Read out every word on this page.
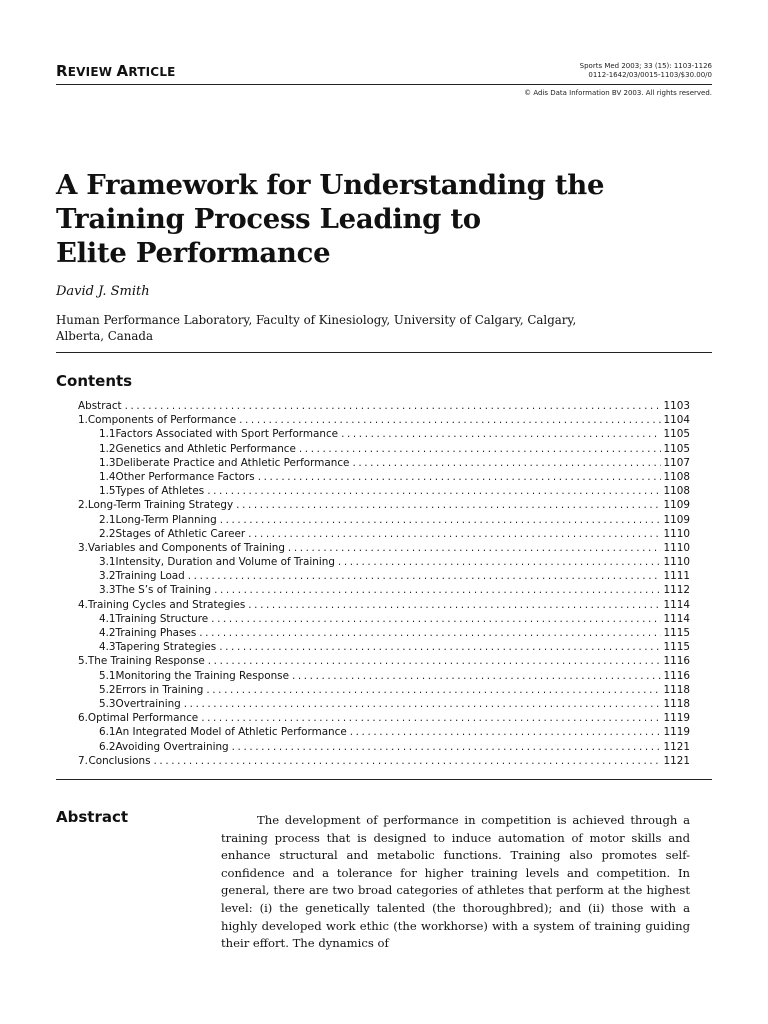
REVIEW ARTICLE	Sports Med 2003; 33 (15): 1103-1126
0112-1642/03/0015-1103/$30.00/0
© Adis Data Information BV 2003. All rights reserved.
A Framework for Understanding the
Training Process Leading to
Elite Performance
David J. Smith
Human Performance Laboratory, Faculty of Kinesiology, University of Calgary, Calgary,
Alberta, Canada
Contents
Abstract .....	1103
1. Components of Performance .....	1104
1.1 Factors Associated with Sport Performance .....	1105
1.2 Genetics and Athletic Performance .....	1105
1.3 Deliberate Practice and Athletic Performance .....	1107
1.4 Other Performance Factors .....	1108
1.5 Types of Athletes .....	1108
2. Long-Term Training Strategy .....	1109
2.1 Long-Term Planning .....	1109
2.2 Stages of Athletic Career .....	1110
3. Variables and Components of Training .....	1110
3.1 Intensity, Duration and Volume of Training .....	1110
3.2 Training Load .....	1111
3.3 The S’s of Training .....	1112
4. Training Cycles and Strategies .....	1114
4.1 Training Structure .....	1114
4.2 Training Phases .....	1115
4.3 Tapering Strategies .....	1115
5. The Training Response .....	1116
5.1 Monitoring the Training Response .....	1116
5.2 Errors in Training .....	1118
5.3 Overtraining .....	1118
6. Optimal Performance .....	1119
6.1 An Integrated Model of Athletic Performance .....	1119
6.2 Avoiding Overtraining .....	1121
7. Conclusions .....	1121
Abstract	The development of performance in competition is achieved through a training process that is designed to induce automation of motor skills and enhance structural and metabolic functions. Training also promotes self-confidence and a tolerance for higher training levels and competition. In general, there are two broad categories of athletes that perform at the highest level: (i) the genetically talented (the thoroughbred); and (ii) those with a highly developed work ethic (the workhorse) with a system of training guiding their effort. The dynamics of
